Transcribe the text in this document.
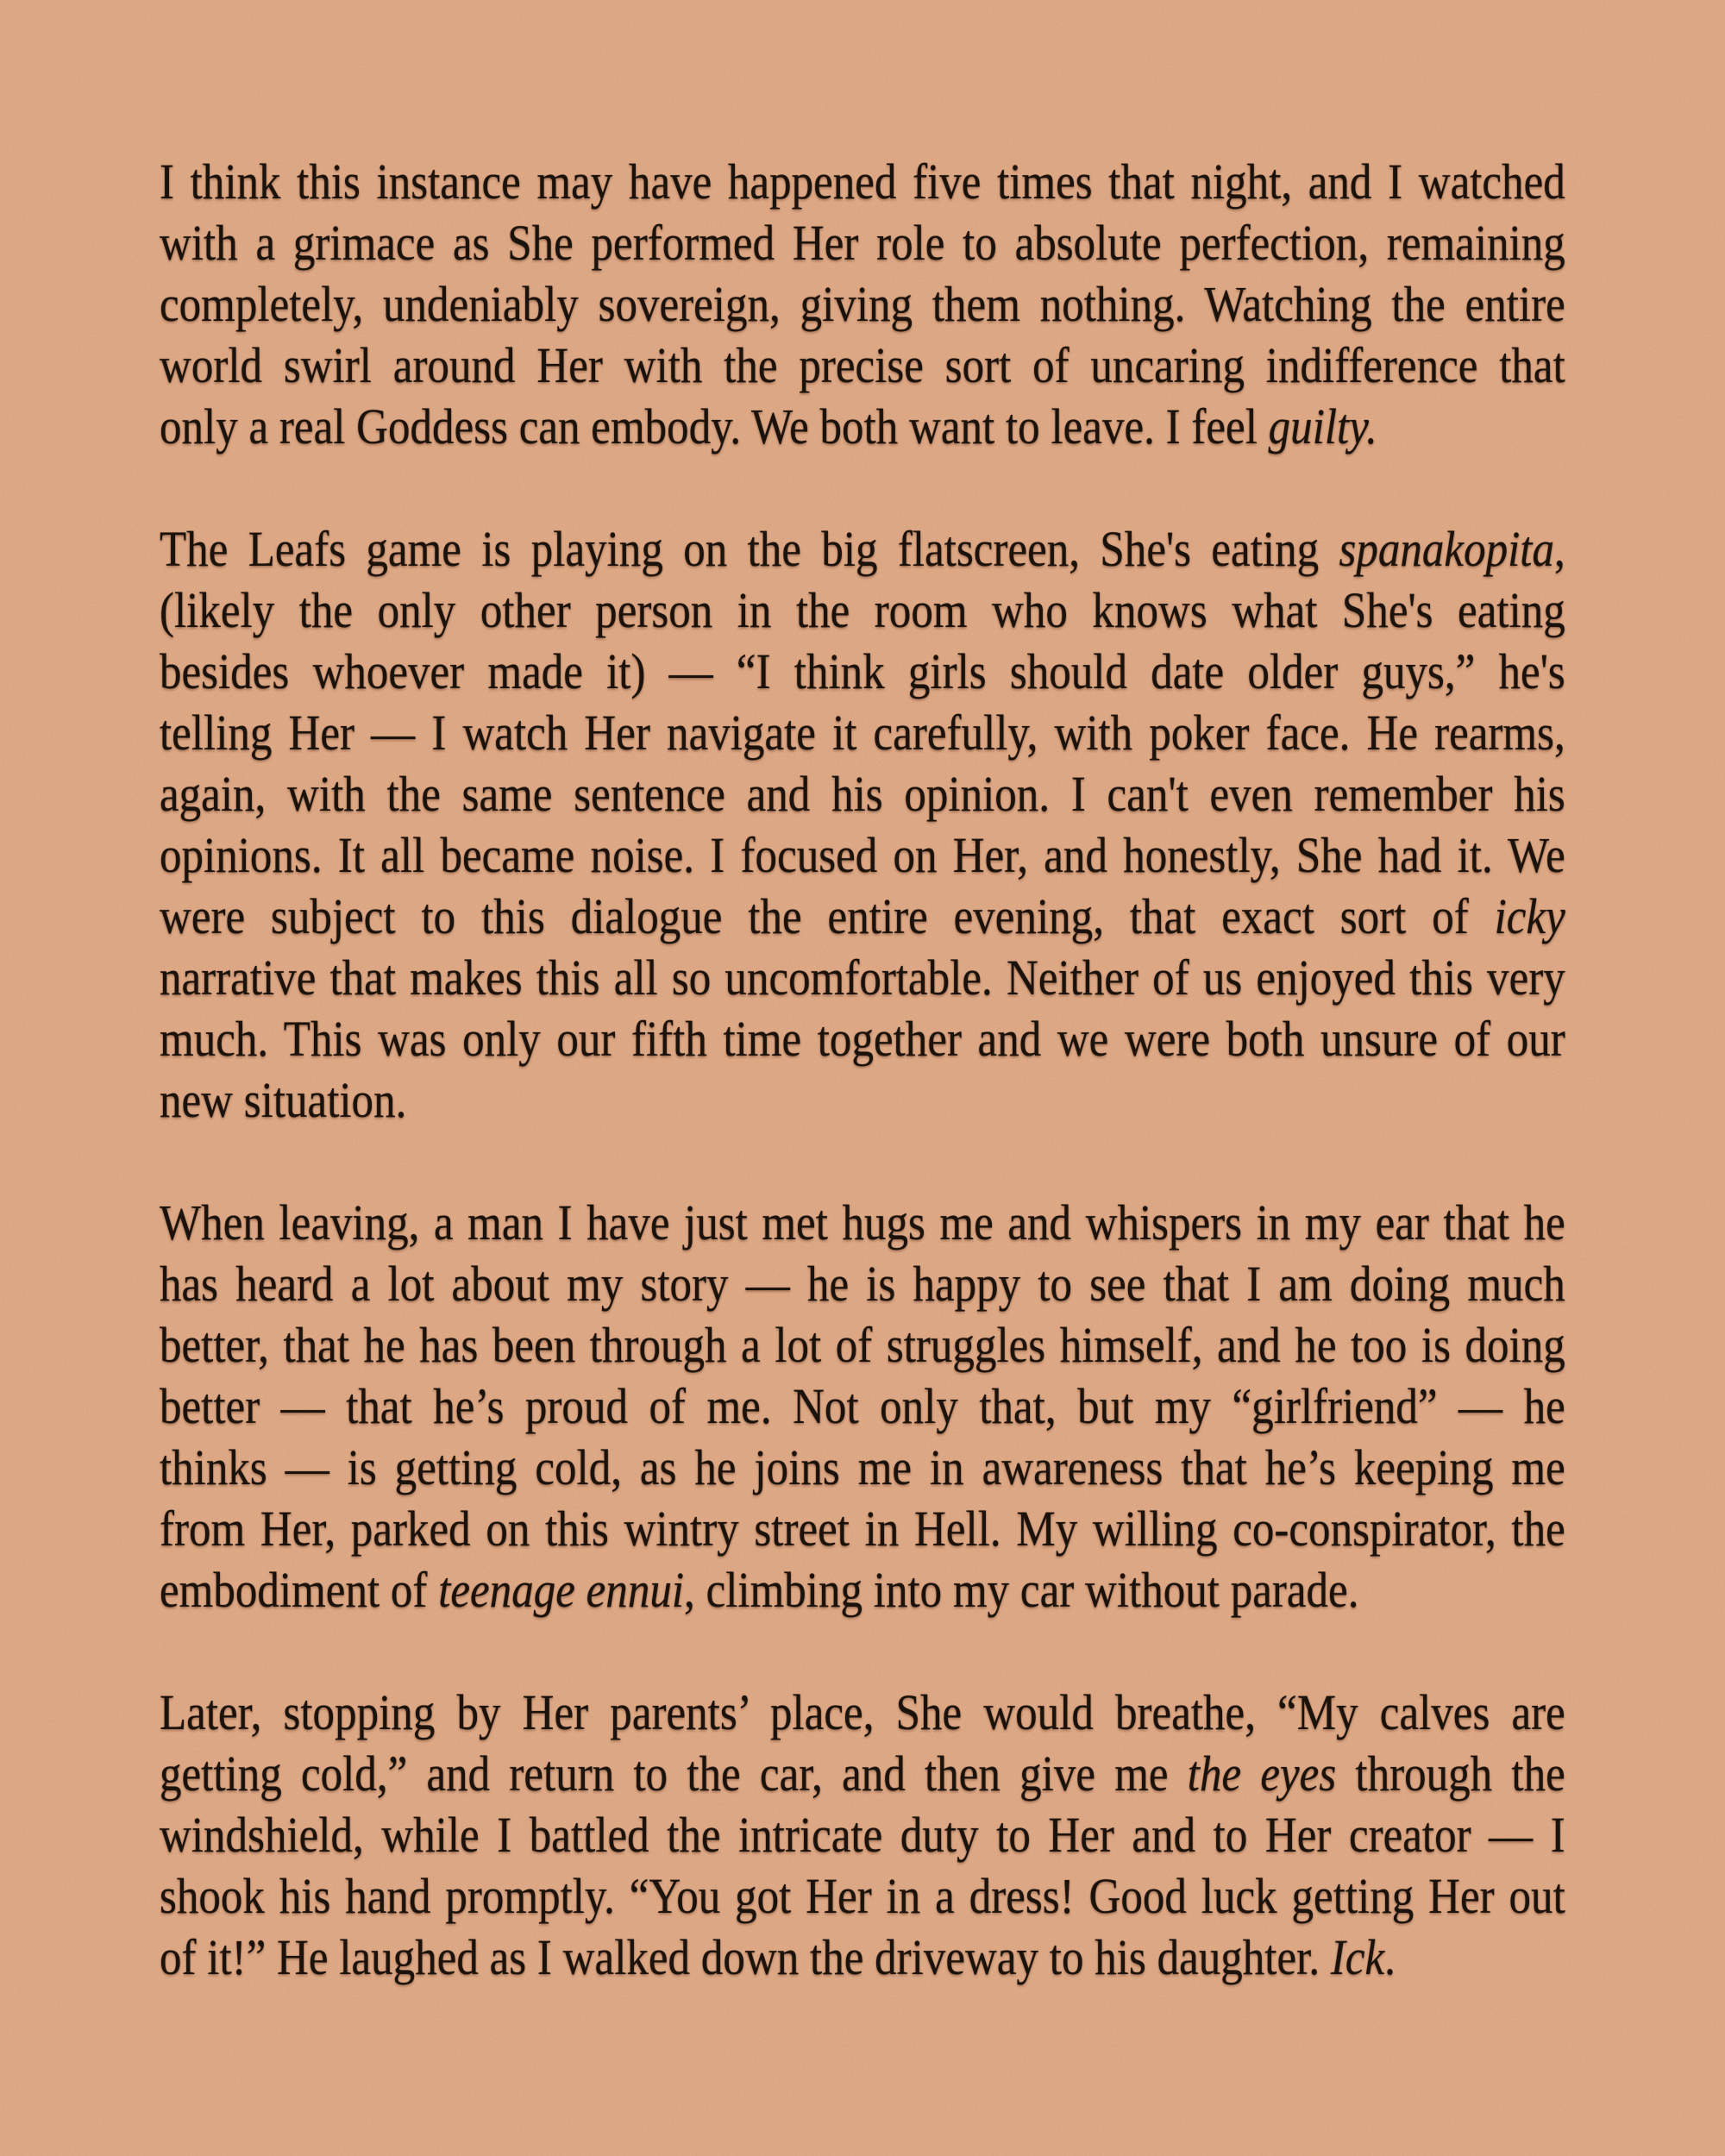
I think this instance may have happened five times that night, and I watched
with a grimace as She performed Her role to absolute perfection, remaining
completely, undeniably sovereign, giving them nothing. Watching the entire
world swirl around Her with the precise sort of uncaring indifference that
only a real Goddess can embody. We both want to leave. I feel guilty.
The Leafs game is playing on the big flatscreen, She's eating spanakopita,
(likely the only other person in the room who knows what She's eating
besides whoever made it) — “I think girls should date older guys,” he's
telling Her — I watch Her navigate it carefully, with poker face. He rearms,
again, with the same sentence and his opinion. I can't even remember his
opinions. It all became noise. I focused on Her, and honestly, She had it. We
were subject to this dialogue the entire evening, that exact sort of icky
narrative that makes this all so uncomfortable. Neither of us enjoyed this very
much. This was only our fifth time together and we were both unsure of our
new situation.
When leaving, a man I have just met hugs me and whispers in my ear that he
has heard a lot about my story — he is happy to see that I am doing much
better, that he has been through a lot of struggles himself, and he too is doing
better — that he’s proud of me. Not only that, but my “girlfriend” — he
thinks — is getting cold, as he joins me in awareness that he’s keeping me
from Her, parked on this wintry street in Hell. My willing co-conspirator, the
embodiment of teenage ennui, climbing into my car without parade.
Later, stopping by Her parents’ place, She would breathe, “My calves are
getting cold,” and return to the car, and then give me the eyes through the
windshield, while I battled the intricate duty to Her and to Her creator — I
shook his hand promptly. “You got Her in a dress! Good luck getting Her out
of it!” He laughed as I walked down the driveway to his daughter. Ick.
